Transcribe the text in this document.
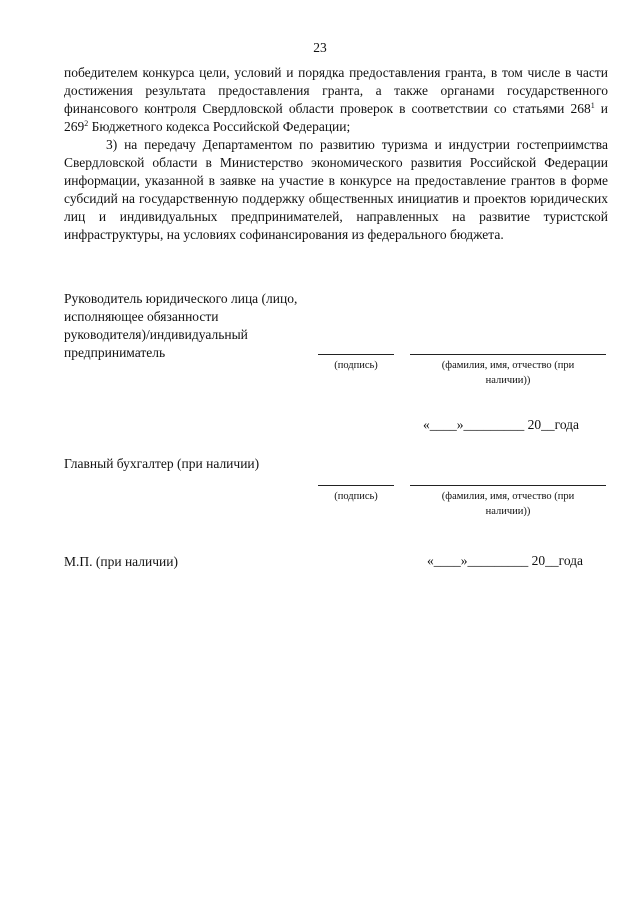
23

победителем конкурса цели, условий и порядка предоставления гранта, в том числе в части достижения результата предоставления гранта, а также органами государственного финансового контроля Свердловской области проверок в соответствии со статьями $268^1$ и $269^2$ Бюджетного кодекса Российской Федерации;

3) на передачу Департаментом по развитию туризма и индустрии гостеприимства Свердловской области в Министерство экономического развития Российской Федерации информации, указанной в заявке на участие в конкурсе на предоставление грантов в форме субсидий на государственную поддержку общественных инициатив и проектов юридических лиц и индивидуальных предпринимателей, направленных на развитие туристской инфраструктуры, на условиях софинансирования из федерального бюджета.

Руководитель юридического лица (лицо, исполняющее обязанности руководителя)/индивидуальный предприниматель
(подпись)	(фамилия, имя, отчество (при наличии))
«____»_________ 20__года
Главный бухгалтер (при наличии)
(подпись)	(фамилия, имя, отчество (при наличии))
М.П. (при наличии)	«____»_________ 20__года
